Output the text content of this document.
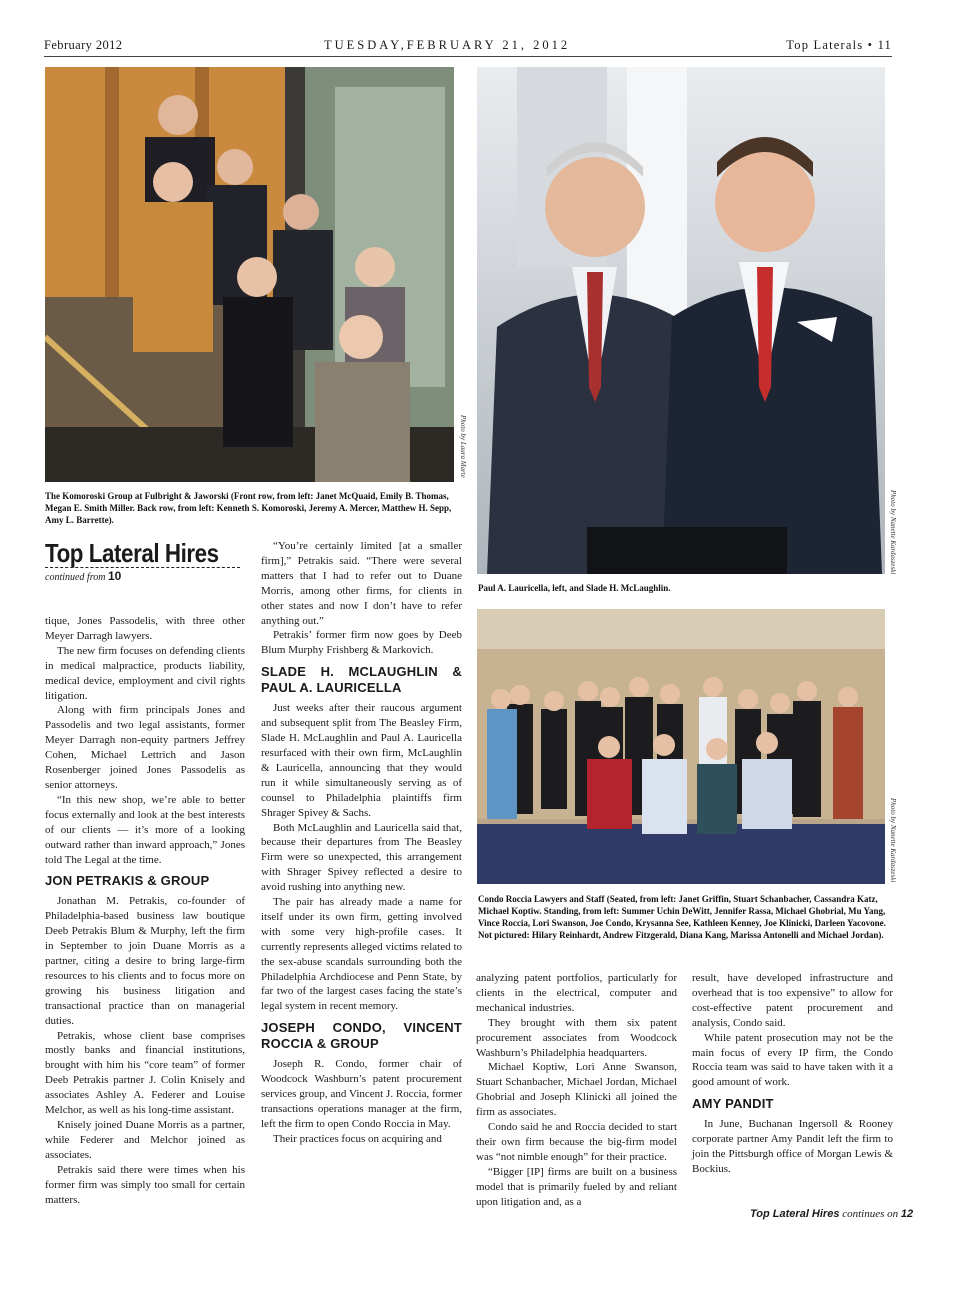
February 2012	TUESDAY,FEBRUARY 21, 2012	Top Laterals • 11
Photo by Laura Marte
The Komoroski Group at Fulbright & Jaworski (Front row, from left: Janet McQuaid, Emily B. Thomas, Megan E. Smith Miller. Back row, from left: Kenneth S. Komoroski, Jeremy A. Mercer, Matthew H. Sepp, Amy L. Barrette).	Photo by Nanette Kardaszeski
Paul A. Lauricella, left, and Slade H. McLaughlin.
Photo by Nanette Kardaszeski
Condo Roccia Lawyers and Staff (Seated, from left: Janet Griffin, Stuart Schanbacher, Cassandra Katz, Michael Koptiw. Standing, from left: Summer Uchin DeWitt, Jennifer Rassa, Michael Ghobrial, Mu Yang, Vince Roccia, Lori Swanson, Joe Condo, Krysanna See, Kathleen Kenney, Joe Klinicki, Darleen Yacovone. Not pictured: Hilary Reinhardt, Andrew Fitzgerald, Diana Kang, Marissa Antonelli and Michael Jordan).
Top Lateral Hires
continued from 10

tique, Jones Passodelis, with three other Meyer Darragh lawyers.

The new firm focuses on defending clients in medical malpractice, products liability, medical device, employment and civil rights litigation.

Along with firm principals Jones and Passodelis and two legal assistants, former Meyer Darragh non-equity partners Jeffrey Cohen, Michael Lettrich and Jason Rosenberger joined Jones Passodelis as senior attorneys.

“In this new shop, we’re able to better focus externally and look at the best interests of our clients — it’s more of a looking outward rather than inward approach,” Jones told The Legal at the time.

JON PETRAKIS & GROUP

Jonathan M. Petrakis, co-founder of Philadelphia-based business law boutique Deeb Petrakis Blum & Murphy, left the firm in September to join Duane Morris as a partner, citing a desire to bring large-firm resources to his clients and to focus more on growing his business litigation and transactional practice than on managerial duties.

Petrakis, whose client base comprises mostly banks and financial institutions, brought with him his “core team” of former Deeb Petrakis partner J. Colin Knisely and associates Ashley A. Federer and Louise Melchor, as well as his long-time assistant.

Knisely joined Duane Morris as a partner, while Federer and Melchor joined as associates.

Petrakis said there were times when his former firm was simply too small for certain matters.

“You’re certainly limited [at a smaller firm],” Petrakis said. “There were several matters that I had to refer out to Duane Morris, among other firms, for clients in other states and now I don’t have to refer anything out.”

Petrakis’ former firm now goes by Deeb Blum Murphy Frishberg & Markovich.

SLADE H. MCLAUGHLIN & PAUL A. LAURICELLA

Just weeks after their raucous argument and subsequent split from The Beasley Firm, Slade H. McLaughlin and Paul A. Lauricella resurfaced with their own firm, McLaughlin & Lauricella, announcing that they would run it while simultaneously serving as of counsel to Philadelphia plaintiffs firm Shrager Spivey & Sachs.

Both McLaughlin and Lauricella said that, because their departures from The Beasley Firm were so unexpected, this arrangement with Shrager Spivey reflected a desire to avoid rushing into anything new.

The pair has already made a name for itself under its own firm, getting involved with some very high-profile cases. It currently represents alleged victims related to the sex-abuse scandals surrounding both the Philadelphia Archdiocese and Penn State, by far two of the largest cases facing the state’s legal system in recent memory.

JOSEPH CONDO, VINCENT ROCCIA & GROUP

Joseph R. Condo, former chair of Woodcock Washburn’s patent procurement services group, and Vincent J. Roccia, former transactions operations manager at the firm, left the firm to open Condo Roccia in May.

Their practices focus on acquiring and

analyzing patent portfolios, particularly for clients in the electrical, computer and mechanical industries.

They brought with them six patent procurement associates from Woodcock Washburn’s Philadelphia headquarters.

Michael Koptiw, Lori Anne Swanson, Stuart Schanbacher, Michael Jordan, Michael Ghobrial and Joseph Klinicki all joined the firm as associates.

Condo said he and Roccia decided to start their own firm because the big-firm model was “not nimble enough” for their practice.

“Bigger [IP] firms are built on a business model that is primarily fueled by and reliant upon litigation and, as a

result, have developed infrastructure and overhead that is too expensive” to allow for cost-effective patent procurement and analysis, Condo said.

While patent prosecution may not be the main focus of every IP firm, the Condo Roccia team was said to have taken with it a good amount of work.

AMY PANDIT

In June, Buchanan Ingersoll & Rooney corporate partner Amy Pandit left the firm to join the Pittsburgh office of Morgan Lewis & Bockius.

Top Lateral Hires continues on 12
